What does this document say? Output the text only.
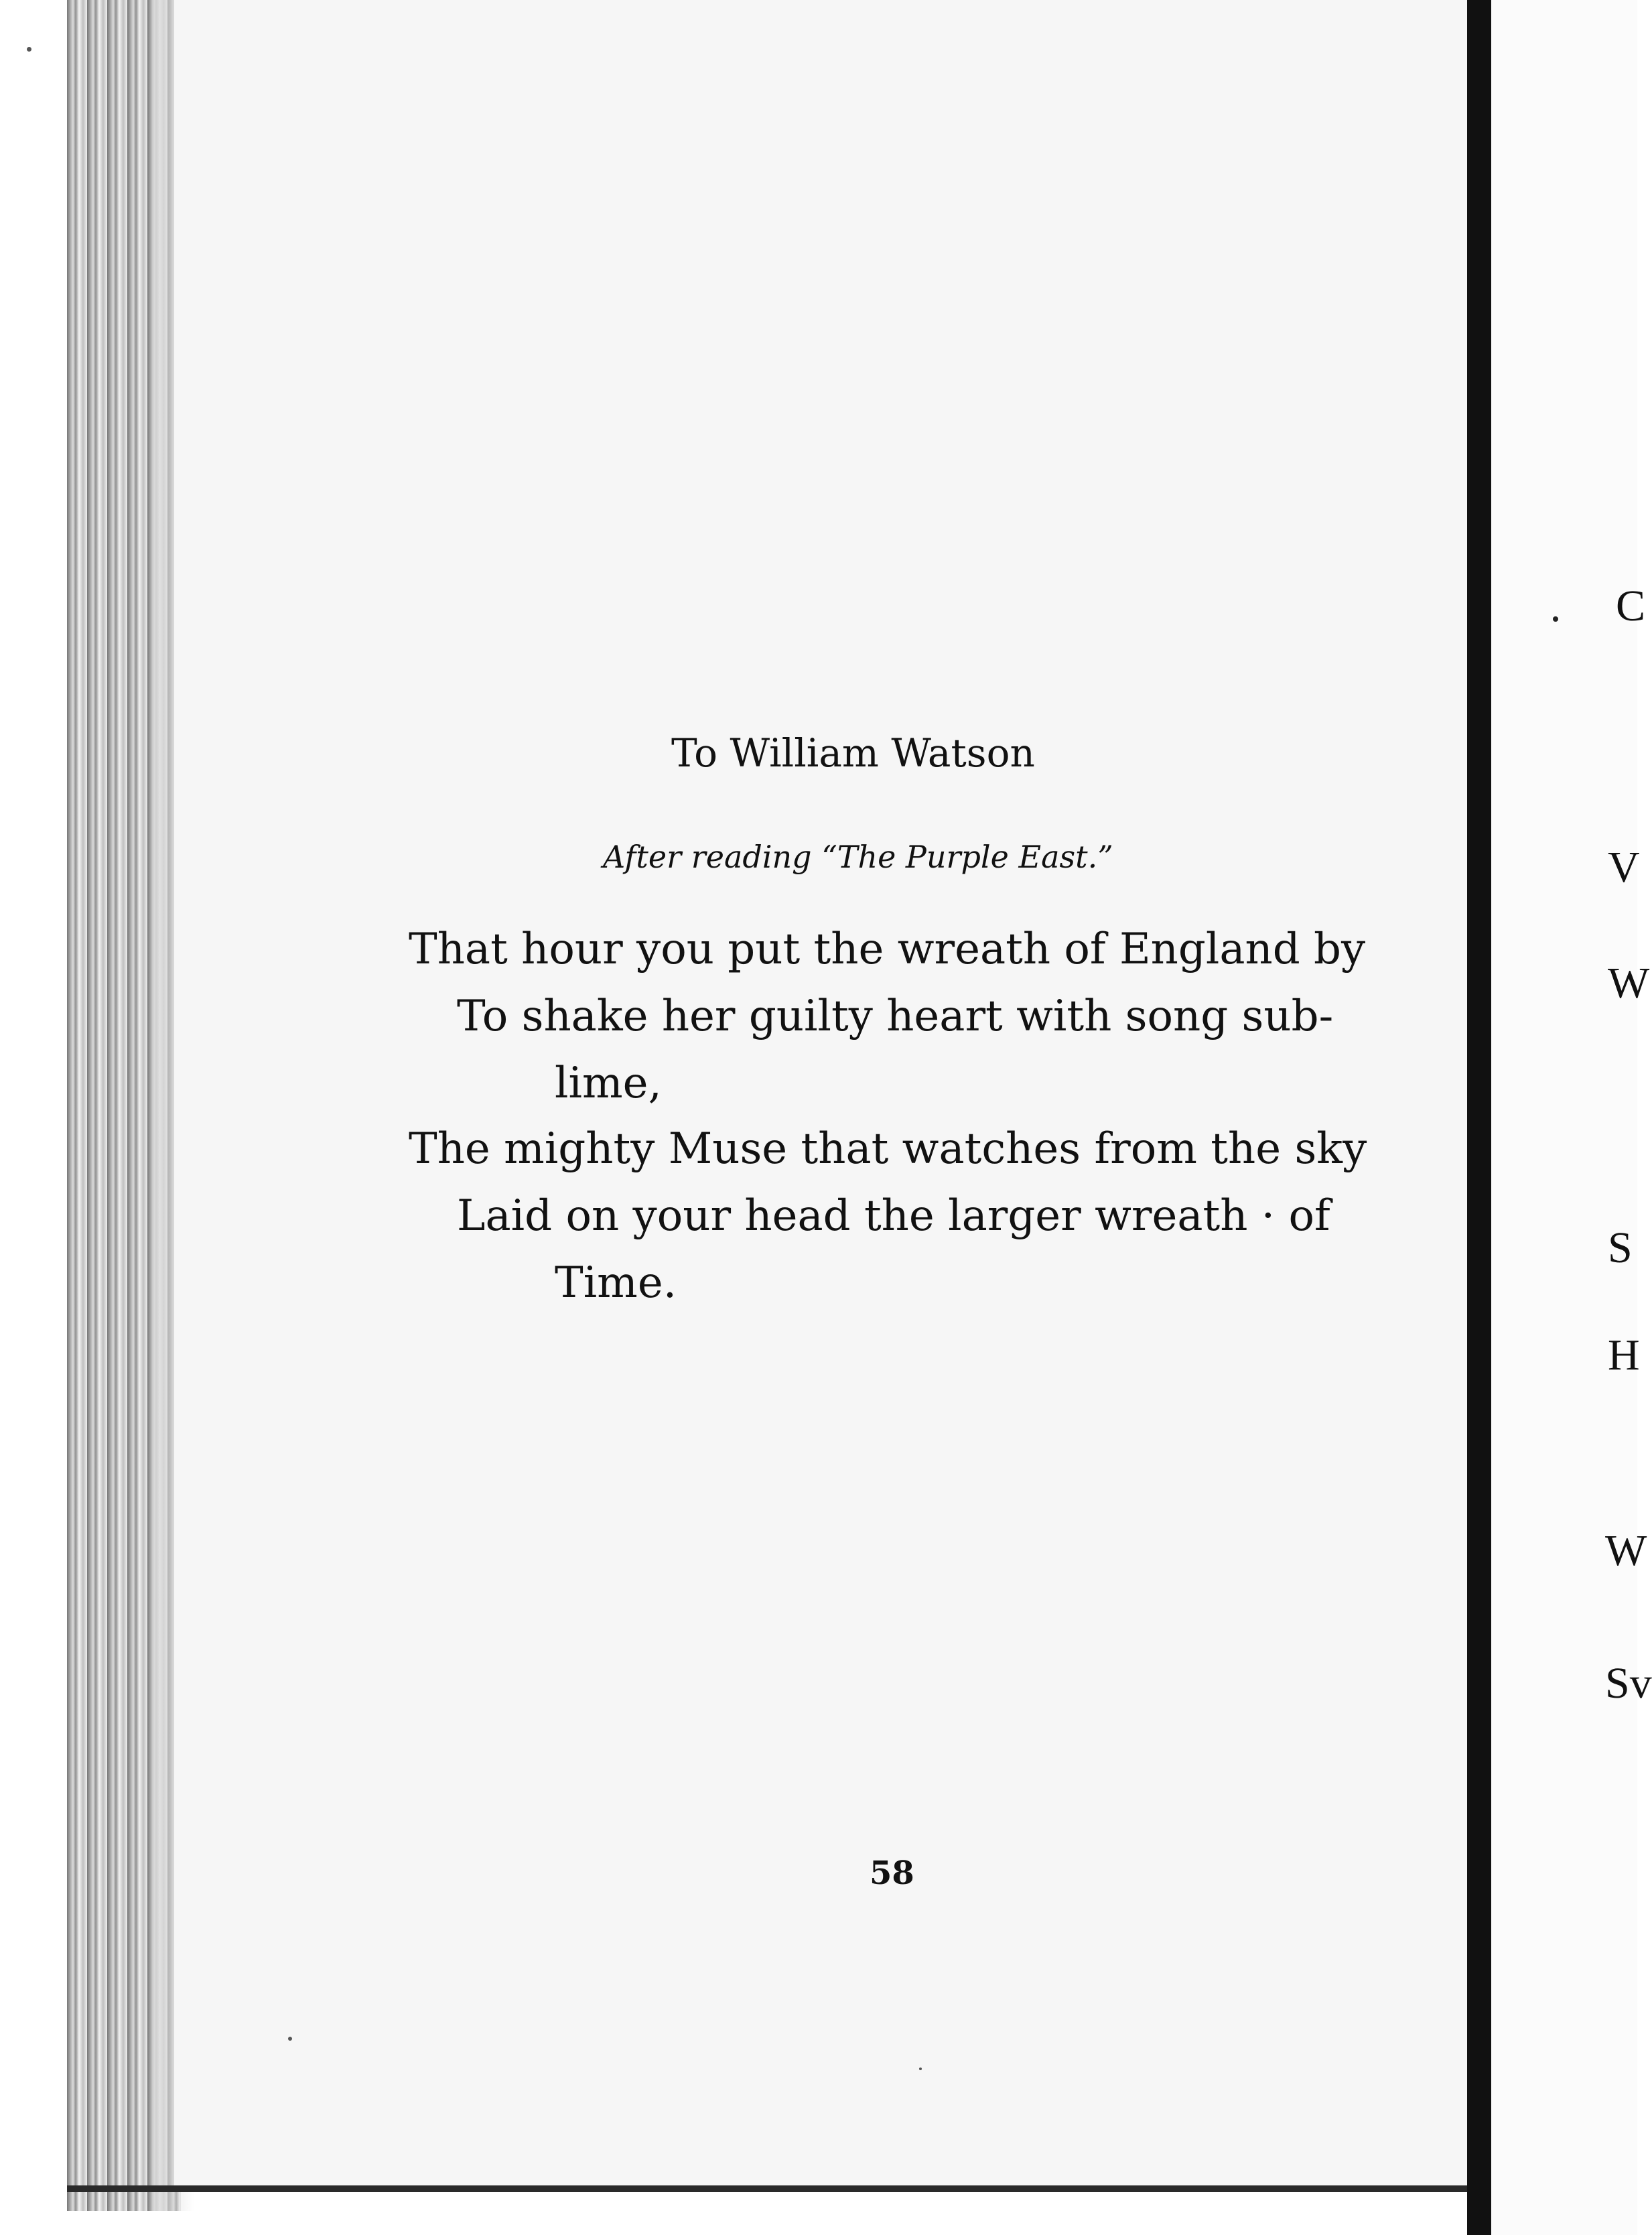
C
V
W
S
H
W
Sv
To William Watson
After reading “The Purple East.”
That hour you put the wreath of England by
To shake her guilty heart with song sub-
lime,
The mighty Muse that watches from the sky
Laid on your head the larger wreath · of
Time.
58
